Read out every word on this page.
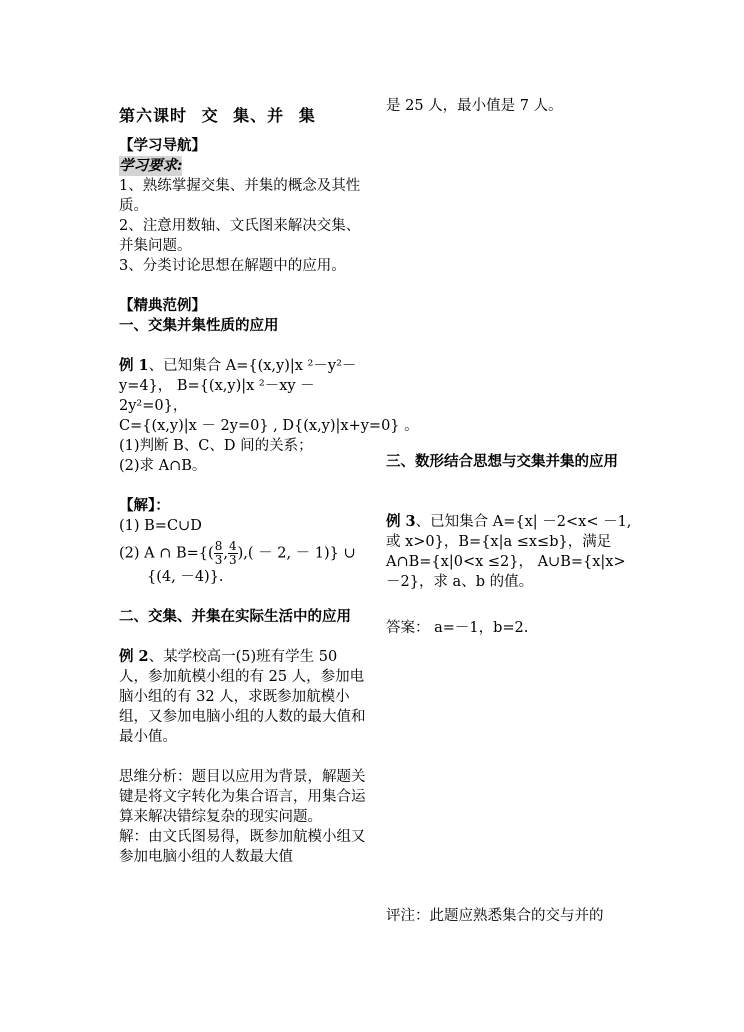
第六课时 交 集、并 集
【学习导航】
学习要求:
1、熟练掌握交集、并集的概念及其性质。
2、注意用数轴、文氏图来解决交集、并集问题。
3、分类讨论思想在解题中的应用。
【精典范例】
一、交集并集性质的应用
例 1、已知集合 A={(x,y)|x ²－y²－
y=4}， B={(x,y)|x ²－xy －2y²=0}，
C={(x,y)|x － 2y=0} , D{(x,y)|x+y=0} 。
(1)判断 B、C、D 间的关系；
(2)求 A∩B。
【解】：
(1) B=C∪D
(2) A ∩ $B=\{( \frac{8}{3}$ , $\frac{4}{3}$ ),( － 2, － 1)} ∪
{(4, －4)}.
二、交集、并集在实际生活中的应用
例 2、某学校高一(5)班有学生 50 人，参加航模小组的有 25 人，参加电脑小组的有 32 人，求既参加航模小组，又参加电脑小组的人数的最大值和最小值。
思维分析：题目以应用为背景，解题关键是将文字转化为集合语言，用集合运算来解决错综复杂的现实问题。
解：由文氏图易得，既参加航模小组又参加电脑小组的人数最大值
是 25 人，最小值是 7 人。
三、数形结合思想与交集并集的应用
例 3、已知集合 A={x| －2<x< －1, 或 x>0}，B={x|a ≤x≤b}，满足 A∩B={x|0<x ≤2}， A∪B={x|x> －2}，求 a、b 的值。
答案： a=－1，b=2.
评注：此题应熟悉集合的交与并的
